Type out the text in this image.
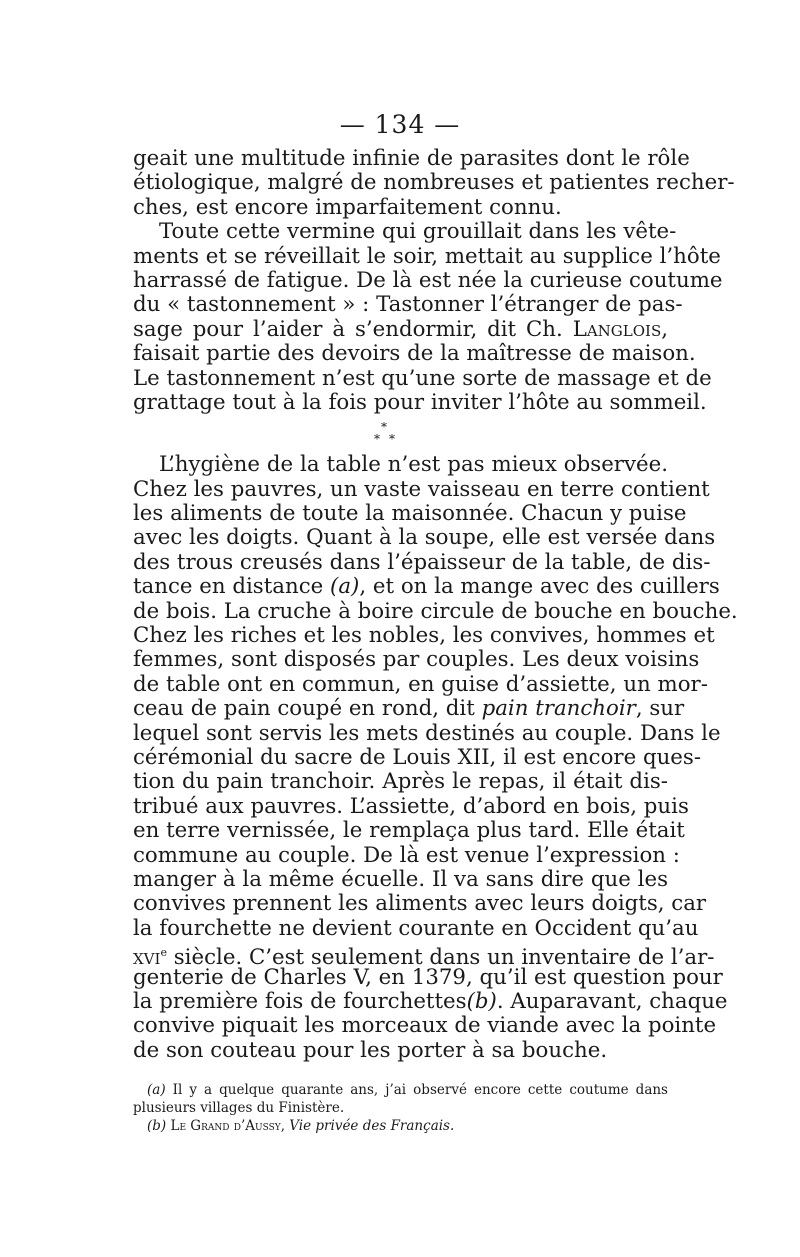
— 134 —
geait une multitude infinie de parasites dont le rôle
étiologique, malgré de nombreuses et patientes recher-
ches, est encore imparfaitement connu.
Toute cette vermine qui grouillait dans les vête-
ments et se réveillait le soir, mettait au supplice l’hôte
harrassé de fatigue. De là est née la curieuse coutume
du « tastonnement » : Tastonner l’étranger de pas-
sage pour l’aider à s’endormir, dit Ch. Langlois,
faisait partie des devoirs de la maîtresse de maison.
Le tastonnement n’est qu’une sorte de massage et de
grattage tout à la fois pour inviter l’hôte au sommeil.
*
* *
L’hygiène de la table n’est pas mieux observée.
Chez les pauvres, un vaste vaisseau en terre contient
les aliments de toute la maisonnée. Chacun y puise
avec les doigts. Quant à la soupe, elle est versée dans
des trous creusés dans l’épaisseur de la table, de dis-
tance en distance (a), et on la mange avec des cuillers
de bois. La cruche à boire circule de bouche en bouche.
Chez les riches et les nobles, les convives, hommes et
femmes, sont disposés par couples. Les deux voisins
de table ont en commun, en guise d’assiette, un mor-
ceau de pain coupé en rond, dit pain tranchoir, sur
lequel sont servis les mets destinés au couple. Dans le
cérémonial du sacre de Louis XII, il est encore ques-
tion du pain tranchoir. Après le repas, il était dis-
tribué aux pauvres. L’assiette, d’abord en bois, puis
en terre vernissée, le remplaça plus tard. Elle était
commune au couple. De là est venue l’expression :
manger à la même écuelle. Il va sans dire que les
convives prennent les aliments avec leurs doigts, car
la fourchette ne devient courante en Occident qu’au
xvi$^e$ siècle. C’est seulement dans un inventaire de l’ar-
genterie de Charles V, en 1379, qu’il est question pour
la première fois de fourchettes(b). Auparavant, chaque
convive piquait les morceaux de viande avec la pointe
de son couteau pour les porter à sa bouche.
(a) Il y a quelque quarante ans, j’ai observé encore cette coutume dans
plusieurs villages du Finistère.
(b) Le Grand d’Aussy, Vie privée des Français.
